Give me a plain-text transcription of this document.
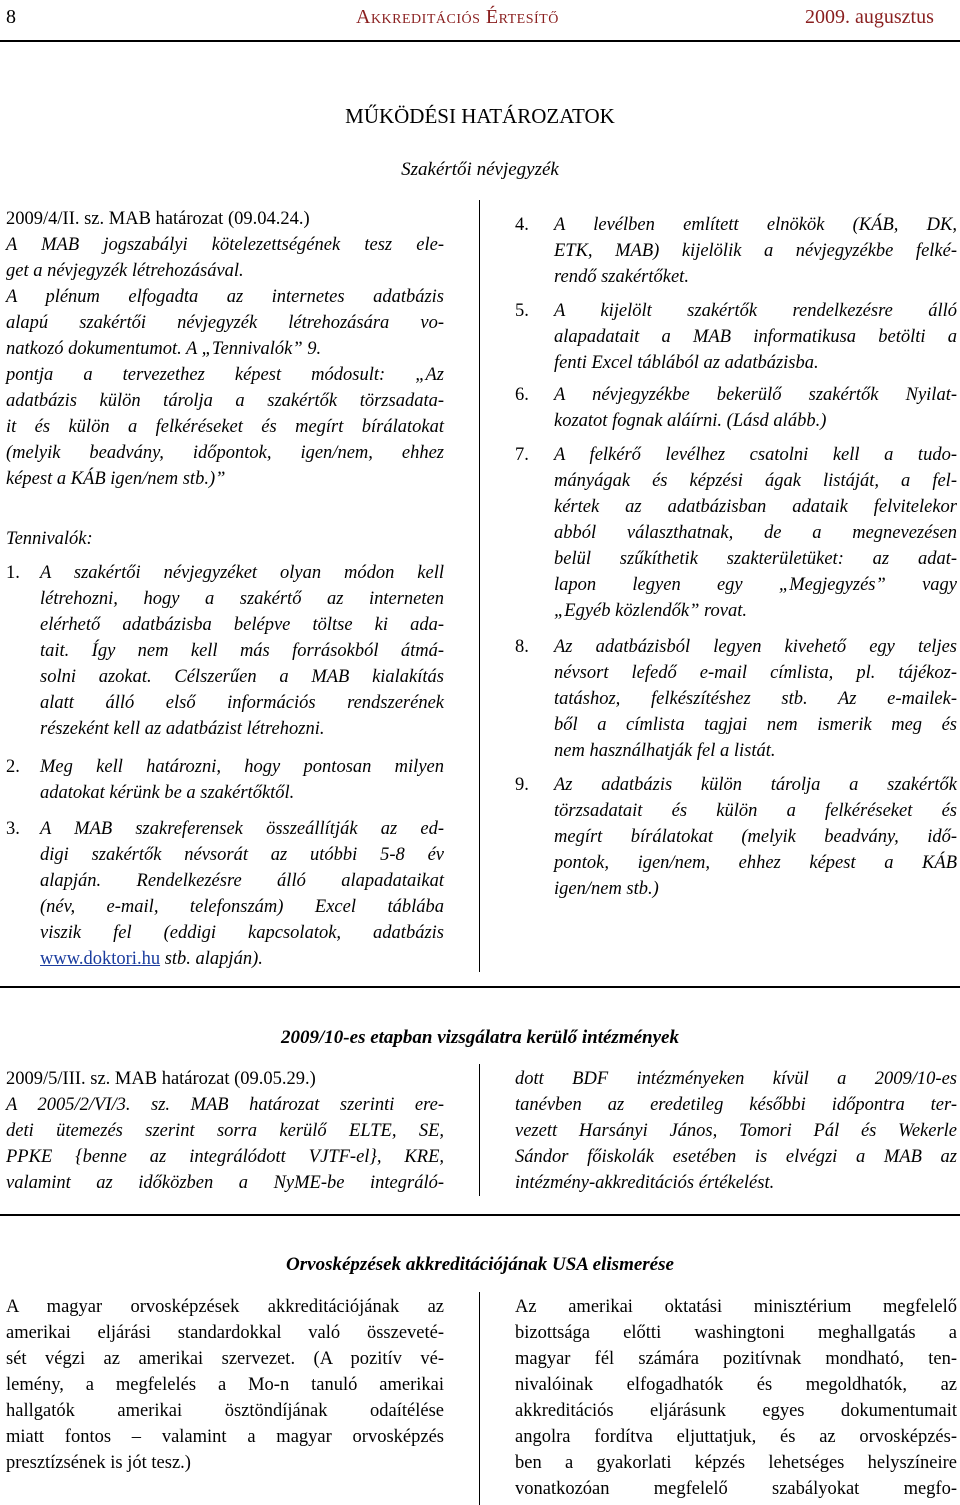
8	Akkreditációs Értesítő	2009. augusztus
MŰKÖDÉSI HATÁROZATOK
Szakértői névjegyzék
2009/4/II. sz. MAB határozat (09.04.24.)
A MAB jogszabályi kötelezettségének tesz ele-
get a névjegyzék létrehozásával.
A plénum elfogadta az internetes adatbázis
alapú szakértői névjegyzék létrehozására vo-
natkozó dokumentumot. A „Tennivalók” 9.
pontja a tervezethez képest módosult: „Az
adatbázis külön tárolja a szakértők törzsadata-
it és külön a felkéréseket és megírt bírálatokat
(melyik beadvány, időpontok, igen/nem, ehhez
képest a KÁB igen/nem stb.)”
Tennivalók:
1. A szakértői névjegyzéket olyan módon kell
létrehozni, hogy a szakértő az interneten
elérhető adatbázisba belépve töltse ki ada-
tait. Így nem kell más forrásokból átmá-
solni azokat. Célszerűen a MAB kialakítás
alatt álló első információs rendszerének
részeként kell az adatbázist létrehozni.
2. Meg kell határozni, hogy pontosan milyen
adatokat kérünk be a szakértőktől.
3. A MAB szakreferensek összeállítják az ed-
digi szakértők névsorát az utóbbi 5-8 év
alapján. Rendelkezésre álló alapadataikat
(név, e-mail, telefonszám) Excel táblába
viszik fel (eddigi kapcsolatok, adatbázis
www.doktori.hu stb. alapján).
4. A levélben említett elnökök (KÁB, DK,
ETK, MAB) kijelölik a névjegyzékbe felké-
rendő szakértőket.
5. A kijelölt szakértők rendelkezésre álló
alapadatait a MAB informatikusa betölti a
fenti Excel táblából az adatbázisba.
6. A névjegyzékbe bekerülő szakértők Nyilat-
kozatot fognak aláírni. (Lásd alább.)
7. A felkérő levélhez csatolni kell a tudo-
mányágak és képzési ágak listáját, a fel-
kértek az adatbázisban adataik felvitelekor
abból választhatnak, de a megnevezésen
belül szűkíthetik szakterületüket: az adat-
lapon legyen egy „Megjegyzés” vagy
„Egyéb közlendők” rovat.
8. Az adatbázisból legyen kivehető egy teljes
névsort lefedő e-mail címlista, pl. tájékoz-
tatáshoz, felkészítéshez stb. Az e-mailek-
ből a címlista tagjai nem ismerik meg és
nem használhatják fel a listát.
9. Az adatbázis külön tárolja a szakértők
törzsadatait és külön a felkéréseket és
megírt bírálatokat (melyik beadvány, idő-
pontok, igen/nem, ehhez képest a KÁB
igen/nem stb.)
2009/10-es etapban vizsgálatra kerülő intézmények
2009/5/III. sz. MAB határozat (09.05.29.)
A 2005/2/VI/3. sz. MAB határozat szerinti ere-
deti ütemezés szerint sorra kerülő ELTE, SE,
PPKE {benne az integrálódott VJTF-el}, KRE,
valamint az időközben a NyME-be integráló-
dott BDF intézményeken kívül a 2009/10-es
tanévben az eredetileg későbbi időpontra ter-
vezett Harsányi János, Tomori Pál és Wekerle
Sándor főiskolák esetében is elvégzi a MAB az
intézmény-akkreditációs értékelést.
Orvosképzések akkreditációjának USA elismerése
A magyar orvosképzések akkreditációjának az
amerikai eljárási standardokkal való összeveté-
sét végzi az amerikai szervezet. (A pozitív vé-
lemény, a megfelelés a Mo-n tanuló amerikai
hallgatók amerikai ösztöndíjának odaítélése
miatt fontos – valamint a magyar orvosképzés
presztízsének is jót tesz.)
Az amerikai oktatási minisztérium megfelelő
bizottsága előtti washingtoni meghallgatás a
magyar fél számára pozitívnak mondható, ten-
nivalóinak elfogadhatók és megoldhatók, az
akkreditációs eljárásunk egyes dokumentumait
angolra fordítva eljuttatjuk, és az orvosképzés-
ben a gyakorlati képzés lehetséges helyszíneire
vonatkozóan megfelelő szabályokat megfo-
